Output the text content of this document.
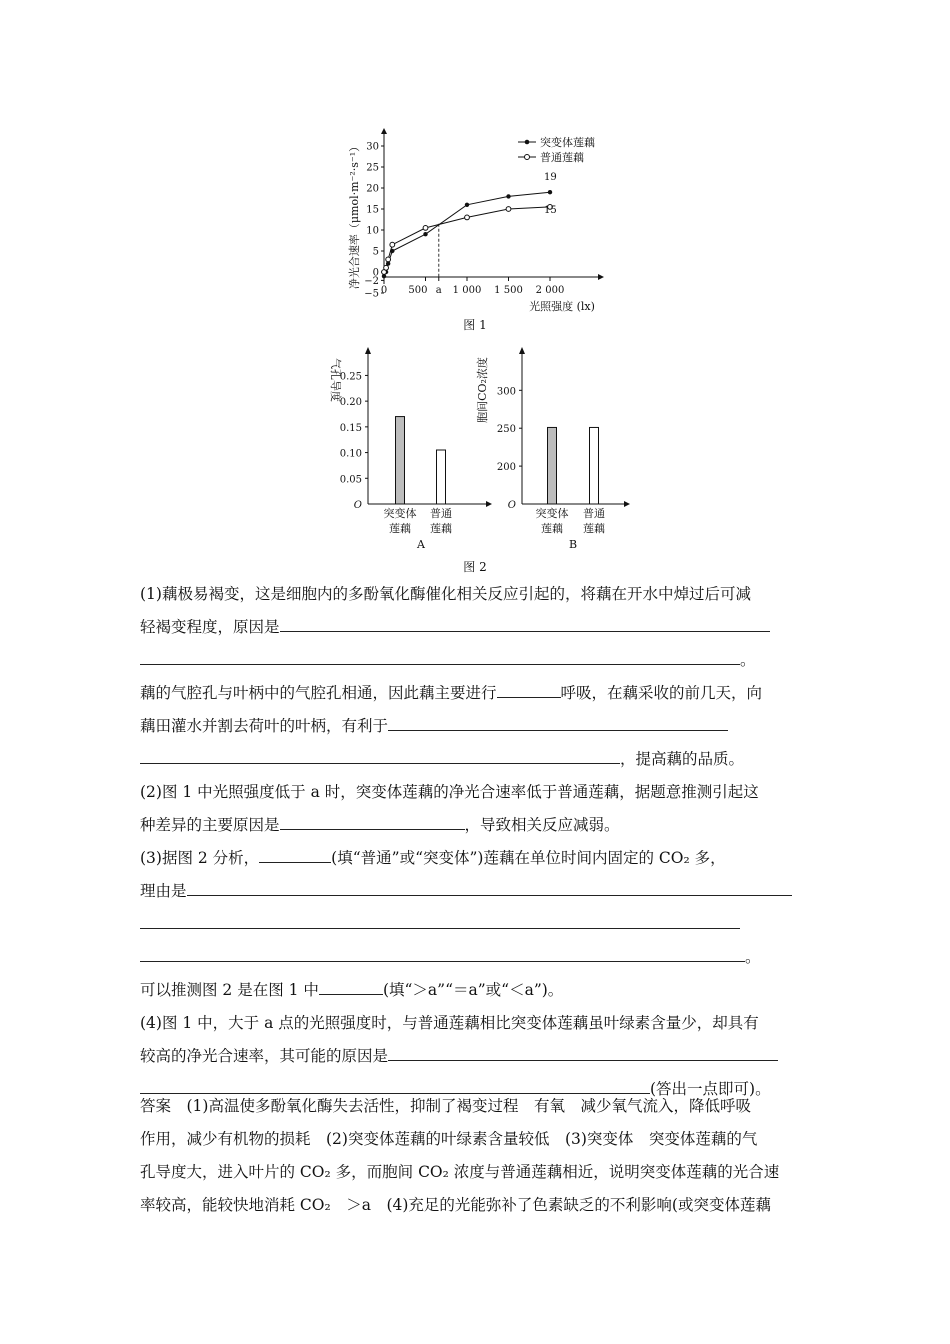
净光合速率（μmol·m⁻²·s⁻¹） 30
25
20
15
10
5
0
−2
−5 0 500 a 1 000 1 500 2 000
19
15
突变体莲藕
普通莲藕
光照强度 (lx)
图 1
气孔导度
0.25
0.20
0.15
0.10
0.05
O
突变体
莲藕
普通
莲藕
A
胞间CO₂浓度 300
250
200
O
突变体
莲藕
普通
莲藕
B
图 2
(1)藕极易褐变，这是细胞内的多酚氧化酶催化相关反应引起的，将藕在开水中焯过后可减
轻褐变程度，原因是
。
藕的气腔孔与叶柄中的气腔孔相通，因此藕主要进行	呼吸，在藕采收的前几天，向
藕田灌水并割去荷叶的叶柄，有利于
，提高藕的品质。
(2)图 1 中光照强度低于 a 时，突变体莲藕的净光合速率低于普通莲藕，据题意推测引起这
种差异的主要原因是	，导致相关反应减弱。
(3)据图 2 分析，	(填“普通”或“突变体”)莲藕在单位时间内固定的 CO₂ 多，
理由是
。
可以推测图 2 是在图 1 中	(填“＞a”“＝a”或“＜a”)。
(4)图 1 中，大于 a 点的光照强度时，与普通莲藕相比突变体莲藕虽叶绿素含量少，却具有
较高的净光合速率，其可能的原因是
(答出一点即可)。
答案　(1)高温使多酚氧化酶失去活性，抑制了褐变过程　有氧　减少氧气流入，降低呼吸
作用，减少有机物的损耗　(2)突变体莲藕的叶绿素含量较低　(3)突变体　突变体莲藕的气
孔导度大，进入叶片的 CO₂ 多，而胞间 CO₂ 浓度与普通莲藕相近，说明突变体莲藕的光合速
率较高，能较快地消耗 CO₂　＞a　(4)充足的光能弥补了色素缺乏的不利影响(或突变体莲藕
